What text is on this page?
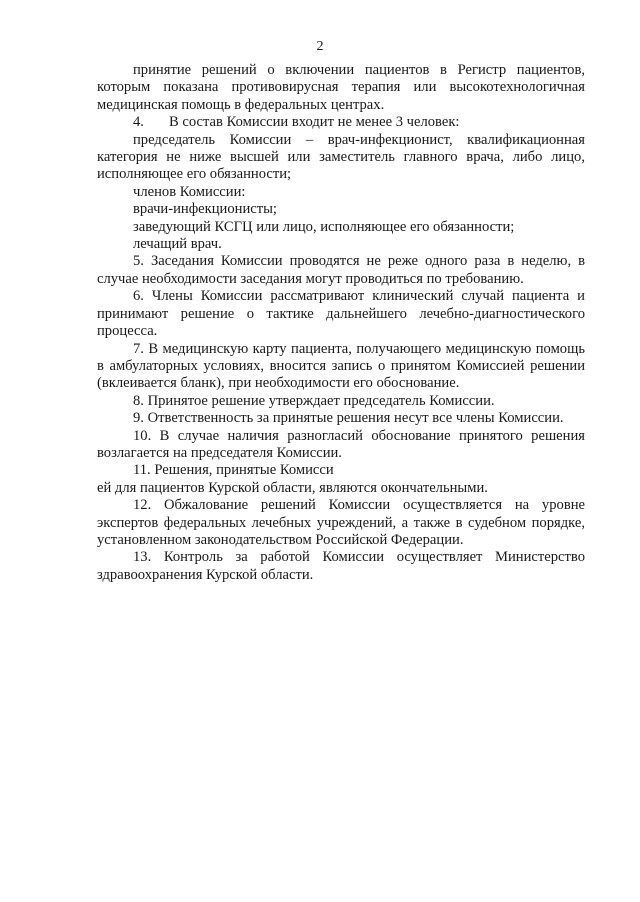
2

принятие решений о включении пациентов в Регистр пациентов, которым показана противовирусная терапия или высокотехнологичная медицинская помощь в федеральных центрах.

4. В состав Комиссии входит не менее 3 человек:

председатель Комиссии – врач-инфекционист, квалификационная категория не ниже высшей или заместитель главного врача, либо лицо, исполняющее его обязанности;

членов Комиссии:

врачи-инфекционисты;

заведующий КСГЦ или лицо, исполняющее его обязанности;

лечащий врач.

5. Заседания Комиссии проводятся не реже одного раза в неделю, в случае необходимости заседания могут проводиться по требованию.

6. Члены Комиссии рассматривают клинический случай пациента и принимают решение о тактике дальнейшего лечебно-диагностического процесса.

7. В медицинскую карту пациента, получающего медицинскую помощь в амбулаторных условиях, вносится запись о принятом Комиссией решении (вклеивается бланк), при необходимости его обоснование.

8. Принятое решение утверждает председатель Комиссии.

9. Ответственность за принятые решения несут все члены Комиссии.

10. В случае наличия разногласий обоснование принятого решения возлагается на председателя Комиссии.

11. Решения, принятые Комисси

ей для пациентов Курской области, являются окончательными.

12. Обжалование решений Комиссии осуществляется на уровне экспертов федеральных лечебных учреждений, а также в судебном порядке, установленном законодательством Российской Федерации.

13. Контроль за работой Комиссии осуществляет Министерство здравоохранения Курской области.
